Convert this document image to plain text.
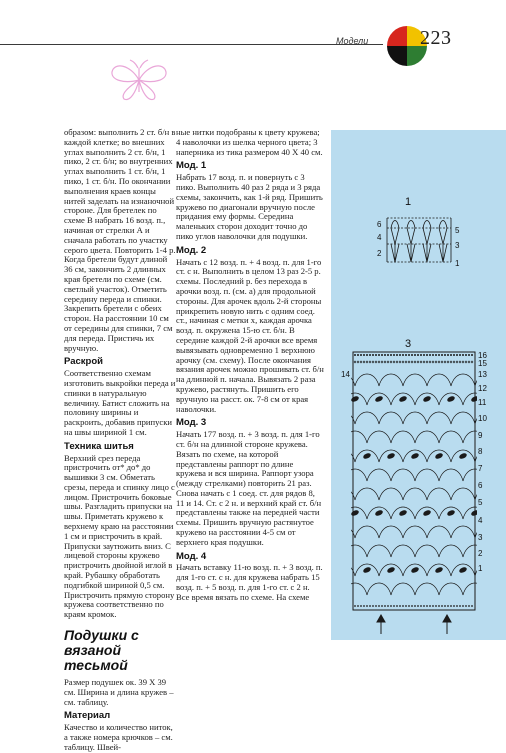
Модели	223

образом: выполнить 2 ст. б/н в каждой клетке; во внешних углах выполнить 2 ст. б/н, 1 пико, 2 ст. б/н; во внутренних углах выполнить 1 ст. б/н, 1 пико, 1 ст. б/н. По окончании выполнения краев концы нитей заделать на изнаночной стороне. Для бретелек по схеме В набрать 16 возд. п., начиная от стрелки А и сначала работать по участку серого цвета. Повторить 1-4 р. Когда бретели будут длиной 36 см, закончить 2 длинных края бретели по схеме (см. светлый участок). Отметить середину переда и спинки. Закрепить бретели с обеих сторон. На расстоянии 10 см от середины для спинки, 7 см для переда. Пристичь их вручную.

Раскрой

Соответственно схемам изготовить выкройки переда и спинки в натуральную величину. Батист сложить на половину ширины и раскроить, добавив припуски на швы шириной 1 см.

Техника шитья

Верхний срез переда пристрочить от* до* до вышивки 3 см. Обметать срезы, переда и спинку лицо с лицом. Пристрочить боковые швы. Разгладить припуски на швы. Приметать кружево к верхнему краю на расстоянии 1 см и пристрочить в край. Припуски заутюжить вниз. С лицевой стороны кружево пристрочить двойной иглой в край. Рубашку обработать подгибкой шириной 0,5 см. Пристрочить прямую сторону кружева соответственно по краям кромок.

Подушки с вязаной тесьмой

Размер подушек ок. 39 X 39 см. Ширина и длина кружев – см. таблицу.

Материал

Качество и количество ниток, а также номера крючков – см. таблицу. Швей-

ные нитки подобраны к цвету кружева; 4 наволочки из шелка черного цвета; 3 наперника из тика размером 40 X 40 см.

Мод. 1

Набрать 17 возд. п. и повернуть с 3 пико. Выполнить 40 раз 2 ряда и 3 ряда схемы, закончить, как 1-й ряд. Пришить кружево по диагонали вручную после придания ему формы. Середина маленьких сторон доходит точно до пико углов наволочки для подушки.

Мод. 2

Начать с 12 возд. п. + 4 возд. п. для 1-го ст. с н. Выполнить в целом 13 раз 2-5 р. схемы. Последний р. без перехода в арочки возд. п. (см. а) для продольной стороны. Для арочек вдоль 2-й стороны прикрепить новую нить с одним соед. ст., начиная с метки х, каждая арочка возд. п. окружена 15-ю ст. б/н. В середине каждой 2-й арочки все время вывязывать одновременно 1 верхнюю арочку (см. схему). После окончания вязания арочек можно прошивать ст. б/н на длинной п. начала. Вывязать 2 раза кружево, растянуть. Пришить его вручную на расст. ок. 7-8 см от края наволочки.

Мод. 3

Начать 177 возд. п. + 3 возд. п. для 1-го ст. б/н на длинной стороне кружева. Вязать по схеме, на которой представлены раппорт по длине кружева и вся ширина. Раппорт узора (между стрелками) повторить 21 раз. Снова начать с 1 соед. ст. для рядов 8, 11 и 14. Ст. с 2 н. и верхний край ст. б/н представлены также на передней части схемы. Пришить вручную растянутое кружево на расстоянии 4-5 см от верхнего края подушки.

Мод. 4

Начать вставку 11-ю возд. п. + 3 возд. п. для 1-го ст. с н. для кружева набрать 15 возд. п. + 5 возд. п. для 1-го ст. с 2 н. Все время вязать по схеме. На схеме

1
6
4
2
5
3
1
3
14
16
15
13
12
11
10
9
8
7
6
5
4
3
2
1
